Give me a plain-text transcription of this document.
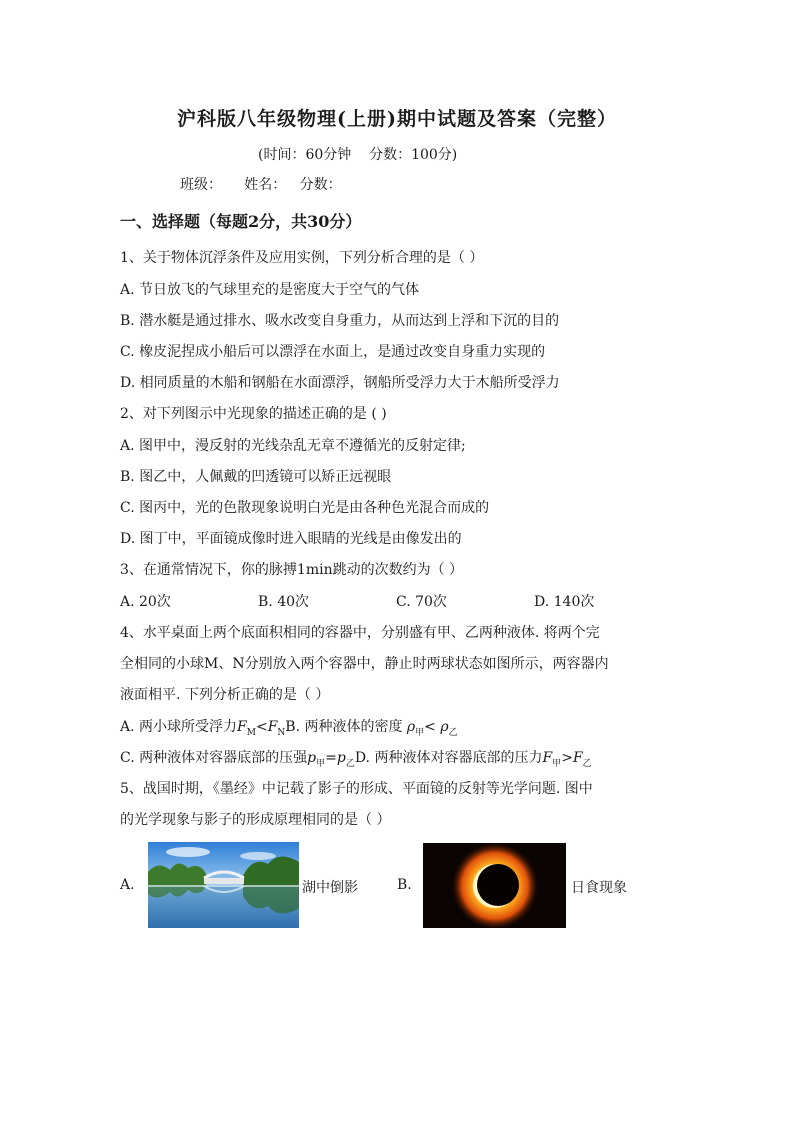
沪科版八年级物理(上册)期中试题及答案（完整）
(时间：60分钟    分数：100分)
班级：     姓名：   分数：
一、选择题（每题2分，共30分）
1、关于物体沉浮条件及应用实例，下列分析合理的是（ ）
A. 节日放飞的气球里充的是密度大于空气的气体
B. 潜水艇是通过排水、吸水改变自身重力，从而达到上浮和下沉的目的
C. 橡皮泥捏成小船后可以漂浮在水面上，是通过改变自身重力实现的
D. 相同质量的木船和钢船在水面漂浮，钢船所受浮力大于木船所受浮力
2、对下列图示中光现象的描述正确的是 ( )
A. 图甲中，漫反射的光线杂乱无章不遵循光的反射定律;
B. 图乙中，人佩戴的凹透镜可以矫正远视眼
C. 图丙中，光的色散现象说明白光是由各种色光混合而成的
D. 图丁中，平面镜成像时进入眼睛的光线是由像发出的
3、在通常情况下，你的脉搏1min跳动的次数约为（ ）
A. 20次	B. 40次	C. 70次	D. 140次
4、水平桌面上两个底面积相同的容器中，分别盛有甲、乙两种液体. 将两个完
全相同的小球M、N分别放入两个容器中，静止时两球状态如图所示，两容器内
液面相平. 下列分析正确的是（ ）
A. 两小球所受浮力$F_M<F_NB$. 两种液体的密度 $\rho_甲< \rho_乙$
C. 两种液体对容器底部的压强$p_甲=p_乙D$. 两种液体对容器底部的压力$F_甲>F_乙$
5、战国时期，《墨经》中记载了影子的形成、平面镜的反射等光学问题. 图中
的光学现象与影子的形成原理相同的是（ ）
A.	湖中倒影	B.	日食现象
